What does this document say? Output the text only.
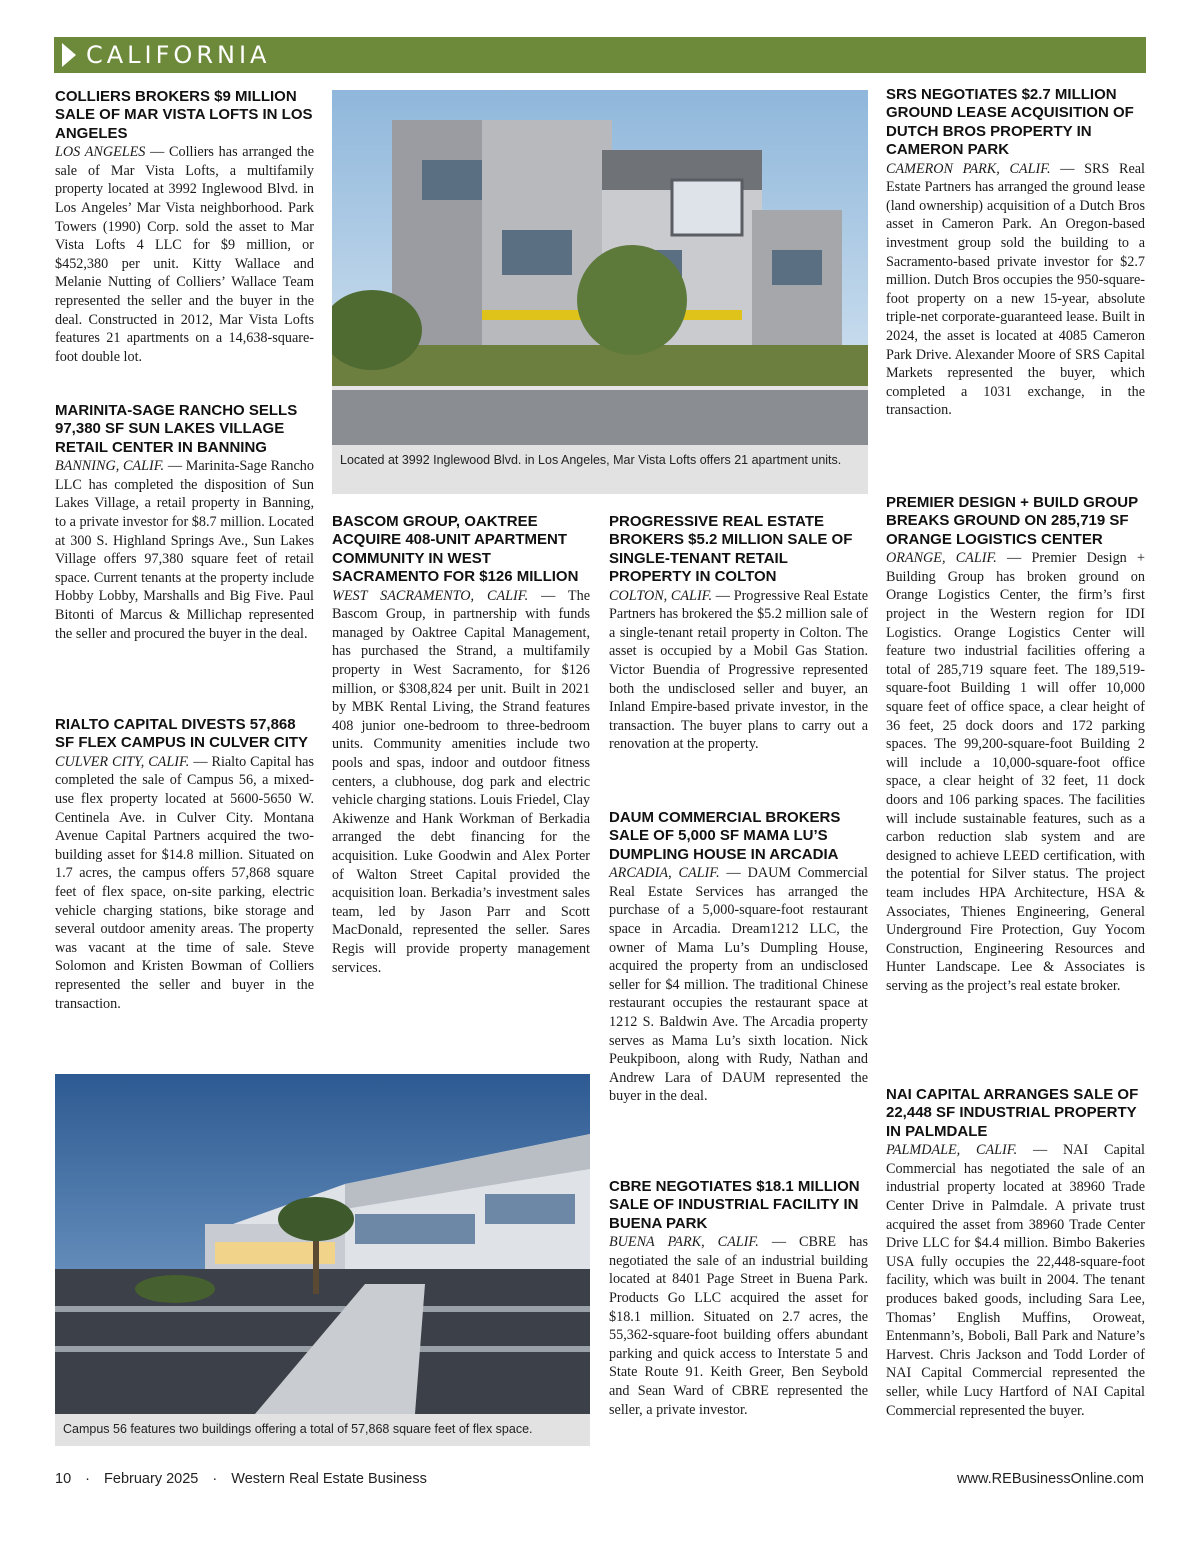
CALIFORNIA
COLLIERS BROKERS $9 MILLION SALE OF MAR VISTA LOFTS IN LOS ANGELES

LOS ANGELES — Colliers has arranged the sale of Mar Vista Lofts, a multifamily property located at 3992 Inglewood Blvd. in Los Angeles’ Mar Vista neighborhood. Park Towers (1990) Corp. sold the asset to Mar Vista Lofts 4 LLC for $9 million, or $452,380 per unit. Kitty Wallace and Melanie Nutting of Colliers’ Wallace Team represented the seller and the buyer in the deal. Constructed in 2012, Mar Vista Lofts features 21 apartments on a 14,638-square-foot double lot.

MARINITA-SAGE RANCHO SELLS 97,380 SF SUN LAKES VILLAGE RETAIL CENTER IN BANNING

BANNING, CALIF. — Marinita-Sage Rancho LLC has completed the disposition of Sun Lakes Village, a retail property in Banning, to a private investor for $8.7 million. Located at 300 S. Highland Springs Ave., Sun Lakes Village offers 97,380 square feet of retail space. Current tenants at the property include Hobby Lobby, Marshalls and Big Five. Paul Bitonti of Marcus & Millichap represented the seller and procured the buyer in the deal.

RIALTO CAPITAL DIVESTS 57,868 SF FLEX CAMPUS IN CULVER CITY

CULVER CITY, CALIF. — Rialto Capital has completed the sale of Campus 56, a mixed-use flex property located at 5600-5650 W. Centinela Ave. in Culver City. Montana Avenue Capital Partners acquired the two-building asset for $14.8 million. Situated on 1.7 acres, the campus offers 57,868 square feet of flex space, on-site parking, electric vehicle charging stations, bike storage and several outdoor amenity areas. The property was vacant at the time of sale. Steve Solomon and Kristen Bowman of Colliers represented the seller and buyer in the transaction.

Located at 3992 Inglewood Blvd. in Los Angeles, Mar Vista Lofts offers 21 apartment units.
BASCOM GROUP, OAKTREE ACQUIRE 408-UNIT APARTMENT COMMUNITY IN WEST SACRAMENTO FOR $126 MILLION

WEST SACRAMENTO, CALIF. — The Bascom Group, in partnership with funds managed by Oaktree Capital Management, has purchased the Strand, a multifamily property in West Sacramento, for $126 million, or $308,824 per unit. Built in 2021 by MBK Rental Living, the Strand features 408 junior one-bedroom to three-bedroom units. Community amenities include two pools and spas, indoor and outdoor fitness centers, a clubhouse, dog park and electric vehicle charging stations. Louis Friedel, Clay Akiwenze and Hank Workman of Berkadia arranged the debt financing for the acquisition. Luke Goodwin and Alex Porter of Walton Street Capital provided the acquisition loan. Berkadia’s investment sales team, led by Jason Parr and Scott MacDonald, represented the seller. Sares Regis will provide property management services.

PROGRESSIVE REAL ESTATE BROKERS $5.2 MILLION SALE OF SINGLE-TENANT RETAIL PROPERTY IN COLTON

COLTON, CALIF. — Progressive Real Estate Partners has brokered the $5.2 million sale of a single-tenant retail property in Colton. The asset is occupied by a Mobil Gas Station. Victor Buendia of Progressive represented both the undisclosed seller and buyer, an Inland Empire-based private investor, in the transaction. The buyer plans to carry out a renovation at the property.

DAUM COMMERCIAL BROKERS SALE OF 5,000 SF MAMA LU’S DUMPLING HOUSE IN ARCADIA

ARCADIA, CALIF. — DAUM Commercial Real Estate Services has arranged the purchase of a 5,000-square-foot restaurant space in Arcadia. Dream1212 LLC, the owner of Mama Lu’s Dumpling House, acquired the property from an undisclosed seller for $4 million. The traditional Chinese restaurant occupies the restaurant space at 1212 S. Baldwin Ave. The Arcadia property serves as Mama Lu’s sixth location. Nick Peukpiboon, along with Rudy, Nathan and Andrew Lara of DAUM represented the buyer in the deal.

CBRE NEGOTIATES $18.1 MILLION SALE OF INDUSTRIAL FACILITY IN BUENA PARK

BUENA PARK, CALIF. — CBRE has negotiated the sale of an industrial building located at 8401 Page Street in Buena Park. Products Go LLC acquired the asset for $18.1 million. Situated on 2.7 acres, the 55,362-square-foot building offers abundant parking and quick access to Interstate 5 and State Route 91. Keith Greer, Ben Seybold and Sean Ward of CBRE represented the seller, a private investor.

SRS NEGOTIATES $2.7 MILLION GROUND LEASE ACQUISITION OF DUTCH BROS PROPERTY IN CAMERON PARK

CAMERON PARK, CALIF. — SRS Real Estate Partners has arranged the ground lease (land ownership) acquisition of a Dutch Bros asset in Cameron Park. An Oregon-based investment group sold the building to a Sacramento-based private investor for $2.7 million. Dutch Bros occupies the 950-square-foot property on a new 15-year, absolute triple-net corporate-guaranteed lease. Built in 2024, the asset is located at 4085 Cameron Park Drive. Alexander Moore of SRS Capital Markets represented the buyer, which completed a 1031 exchange, in the transaction.

PREMIER DESIGN + BUILD GROUP BREAKS GROUND ON 285,719 SF ORANGE LOGISTICS CENTER

ORANGE, CALIF. — Premier Design + Building Group has broken ground on Orange Logistics Center, the firm’s first project in the Western region for IDI Logistics. Orange Logistics Center will feature two industrial facilities offering a total of 285,719 square feet. The 189,519-square-foot Building 1 will offer 10,000 square feet of office space, a clear height of 36 feet, 25 dock doors and 172 parking spaces. The 99,200-square-foot Building 2 will include a 10,000-square-foot office space, a clear height of 32 feet, 11 dock doors and 106 parking spaces. The facilities will include sustainable features, such as a carbon reduction slab system and are designed to achieve LEED certification, with the potential for Silver status. The project team includes HPA Architecture, HSA & Associates, Thienes Engineering, General Underground Fire Protection, Guy Yocom Construction, Engineering Resources and Hunter Landscape. Lee & Associates is serving as the project’s real estate broker.

NAI CAPITAL ARRANGES SALE OF 22,448 SF INDUSTRIAL PROPERTY IN PALMDALE

PALMDALE, CALIF. — NAI Capital Commercial has negotiated the sale of an industrial property located at 38960 Trade Center Drive in Palmdale. A private trust acquired the asset from 38960 Trade Center Drive LLC for $4.4 million. Bimbo Bakeries USA fully occupies the 22,448-square-foot facility, which was built in 2004. The tenant produces baked goods, including Sara Lee, Thomas’ English Muffins, Oroweat, Entenmann’s, Boboli, Ball Park and Nature’s Harvest. Chris Jackson and Todd Lorder of NAI Capital Commercial represented the seller, while Lucy Hartford of NAI Capital Commercial represented the buyer.

Campus 56 features two buildings offering a total of 57,868 square feet of flex space.
10 · February 2025 · Western Real Estate Business	www.REBusinessOnline.com
